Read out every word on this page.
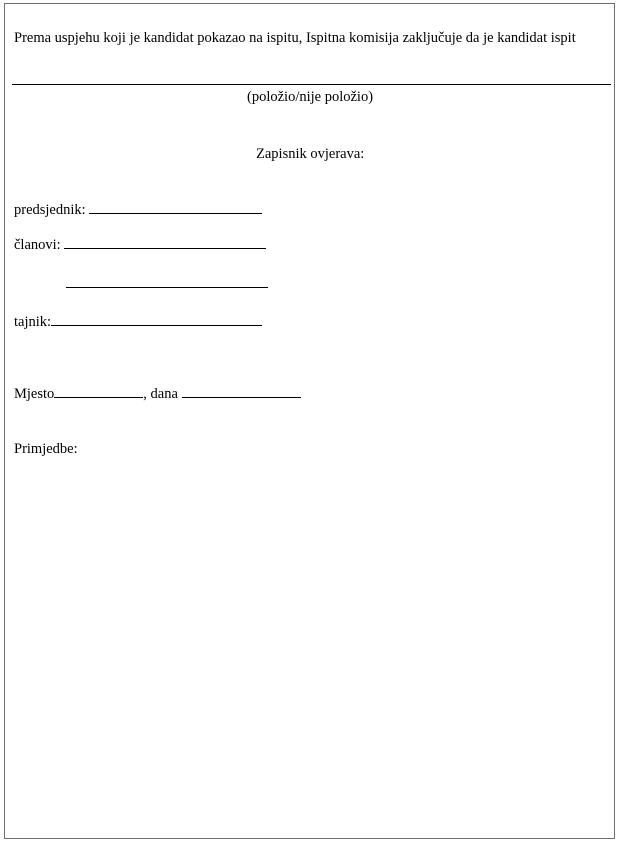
Prema uspjehu koji je kandidat pokazao na ispitu, Ispitna komisija zaključuje da je kandidat ispit
(položio/nije položio)
Zapisnik ovjerava:
predsjednik:
članovi:
tajnik:
Mjesto	, dana
Primjedbe:
